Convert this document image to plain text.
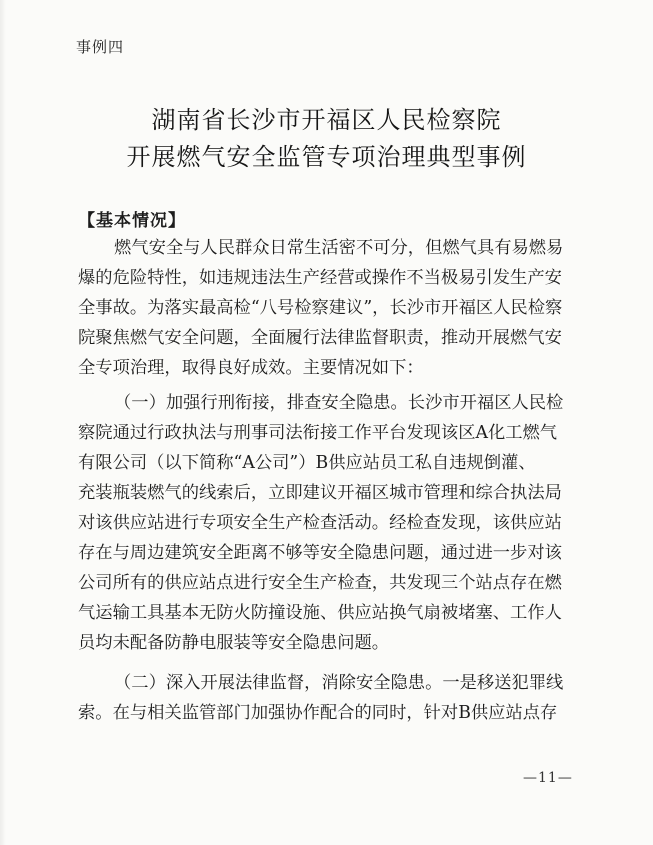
事例四
湖南省长沙市开福区人民检察院
开展燃气安全监管专项治理典型事例
【基本情况】
燃气安全与人民群众日常生活密不可分，但燃气具有易燃易
爆的危险特性，如违规违法生产经营或操作不当极易引发生产安
全事故。为落实最高检“八号检察建议”，长沙市开福区人民检察
院聚焦燃气安全问题，全面履行法律监督职责，推动开展燃气安
全专项治理，取得良好成效。主要情况如下：
（一）加强行刑衔接，排查安全隐患。长沙市开福区人民检
察院通过行政执法与刑事司法衔接工作平台发现该区A化工燃气
有限公司（以下简称“A公司”）B供应站员工私自违规倒灌、
充装瓶装燃气的线索后，立即建议开福区城市管理和综合执法局
对该供应站进行专项安全生产检查活动。经检查发现，该供应站
存在与周边建筑安全距离不够等安全隐患问题，通过进一步对该
公司所有的供应站点进行安全生产检查，共发现三个站点存在燃
气运输工具基本无防火防撞设施、供应站换气扇被堵塞、工作人
员均未配备防静电服装等安全隐患问题。
（二）深入开展法律监督，消除安全隐患。一是移送犯罪线
索。在与相关监管部门加强协作配合的同时，针对B供应站点存
—11—
